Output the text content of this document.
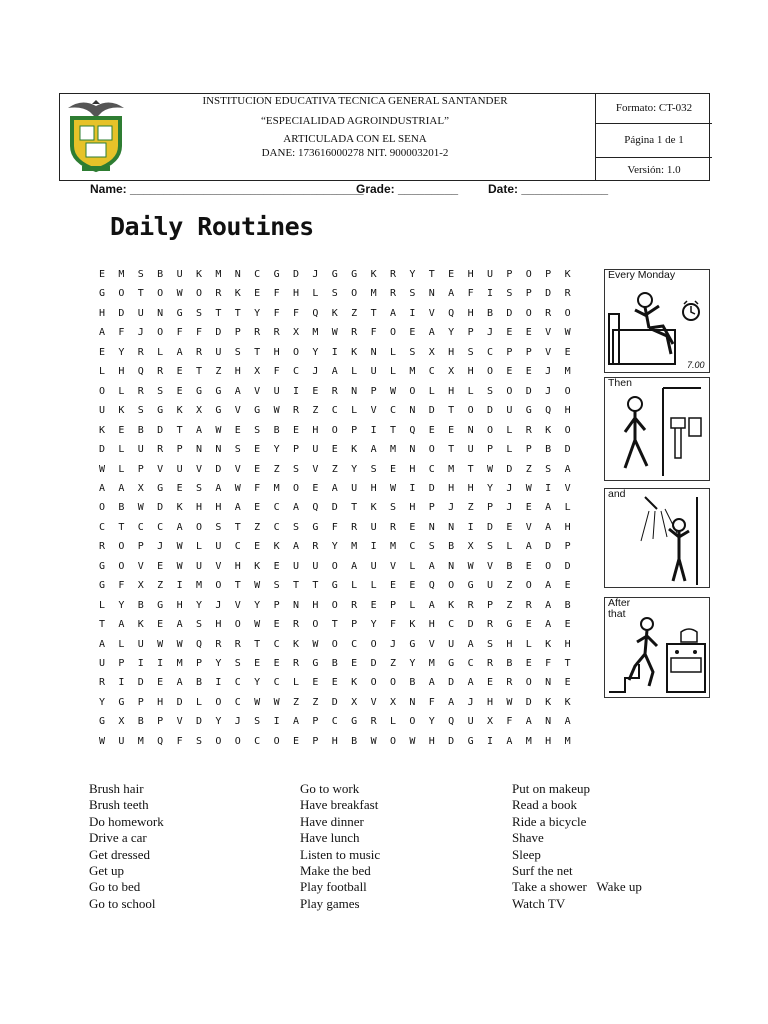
INSTITUCION EDUCATIVA TECNICA GENERAL SANTANDER
“ESPECIALIDAD AGROINDUSTRIAL”
ARTICULADA CON EL SENA
DANE: 173616000278 NIT. 900003201-2
Formato: CT-032
Página 1 de 1
Versión: 1.0
Name: ___________________________________
Grade: _________ Date: _____________
Daily Routines
E	M	S	B	U	K	M	N	C	G	D	J	G	G	K	R	Y	T	E	H	U	P	O	P	K
G	O	T	O	W	O	R	K	E	F	H	L	S	O	M	R	S	N	A	F	I	S	P	D	R
H	D	U	N	G	S	T	T	Y	F	F	Q	K	Z	T	A	I	V	Q	H	B	D	O	R	O
A	F	J	O	F	F	D	P	R	R	X	M	W	R	F	O	E	A	Y	P	J	E	E	V	W
E	Y	R	L	A	R	U	S	T	H	O	Y	I	K	N	L	S	X	H	S	C	P	P	V	E
L	H	Q	R	E	T	Z	H	X	F	C	J	A	L	U	L	M	C	X	H	O	E	E	J	M
O	L	R	S	E	G	G	A	V	U	I	E	R	N	P	W	O	L	H	L	S	O	D	J	O
U	K	S	G	K	X	G	V	G	W	R	Z	C	L	V	C	N	D	T	O	D	U	G	Q	H
K	E	B	D	T	A	W	E	S	B	E	H	O	P	I	T	Q	E	E	N	O	L	R	K	O
D	L	U	R	P	N	N	S	E	Y	P	U	E	K	A	M	N	O	T	U	P	L	P	B	D
W	L	P	V	U	V	D	V	E	Z	S	V	Z	Y	S	E	H	C	M	T	W	D	Z	S	A
A	A	X	G	E	S	A	W	F	M	O	E	A	U	H	W	I	D	H	H	Y	J	W	I	V
O	B	W	D	K	H	H	A	E	C	A	Q	D	T	K	S	H	P	J	Z	P	J	E	A	L
C	T	C	C	A	O	S	T	Z	C	S	G	F	R	U	R	E	N	N	I	D	E	V	A	H
R	O	P	J	W	L	U	C	E	K	A	R	Y	M	I	M	C	S	B	X	S	L	A	D	P
G	O	V	E	W	U	V	H	K	E	U	U	O	A	U	V	L	A	N	W	V	B	E	O	D
G	F	X	Z	I	M	O	T	W	S	T	T	G	L	L	E	E	Q	O	G	U	Z	O	A	E
L	Y	B	G	H	Y	J	V	Y	P	N	H	O	R	E	P	L	A	K	R	P	Z	R	A	B
T	A	K	E	A	S	H	O	W	E	R	O	T	P	Y	F	K	H	C	D	R	G	E	A	E
A	L	U	W	W	Q	R	R	T	C	K	W	O	C	O	J	G	V	U	A	S	H	L	K	H
U	P	I	I	M	P	Y	S	E	E	R	G	B	E	D	Z	Y	M	G	C	R	B	E	F	T
R	I	D	E	A	B	I	C	Y	C	L	E	E	K	O	O	B	A	D	A	E	R	O	N	E
Y	G	P	H	D	L	O	C	W	W	Z	Z	D	X	V	X	N	F	A	J	H	W	D	K	K
G	X	B	P	V	D	Y	J	S	I	A	P	C	G	R	L	O	Y	Q	U	X	F	A	N	A
W	U	M	Q	F	S	O	O	C	O	E	P	H	B	W	O	W	H	D	G	I	A	M	H	M
Every Monday
7.00
Then
and
After that
Brush hair
Brush teeth
Do homework
Drive a car
Get dressed
Get up
Go to bed
Go to school
Go to work
Have breakfast
Have dinner
Have lunch
Listen to music
Make the bed
Play football
Play games
Put on makeup
Read a book
Ride a bicycle
Shave
Sleep
Surf the net
Take a shower   Wake up
Watch TV
